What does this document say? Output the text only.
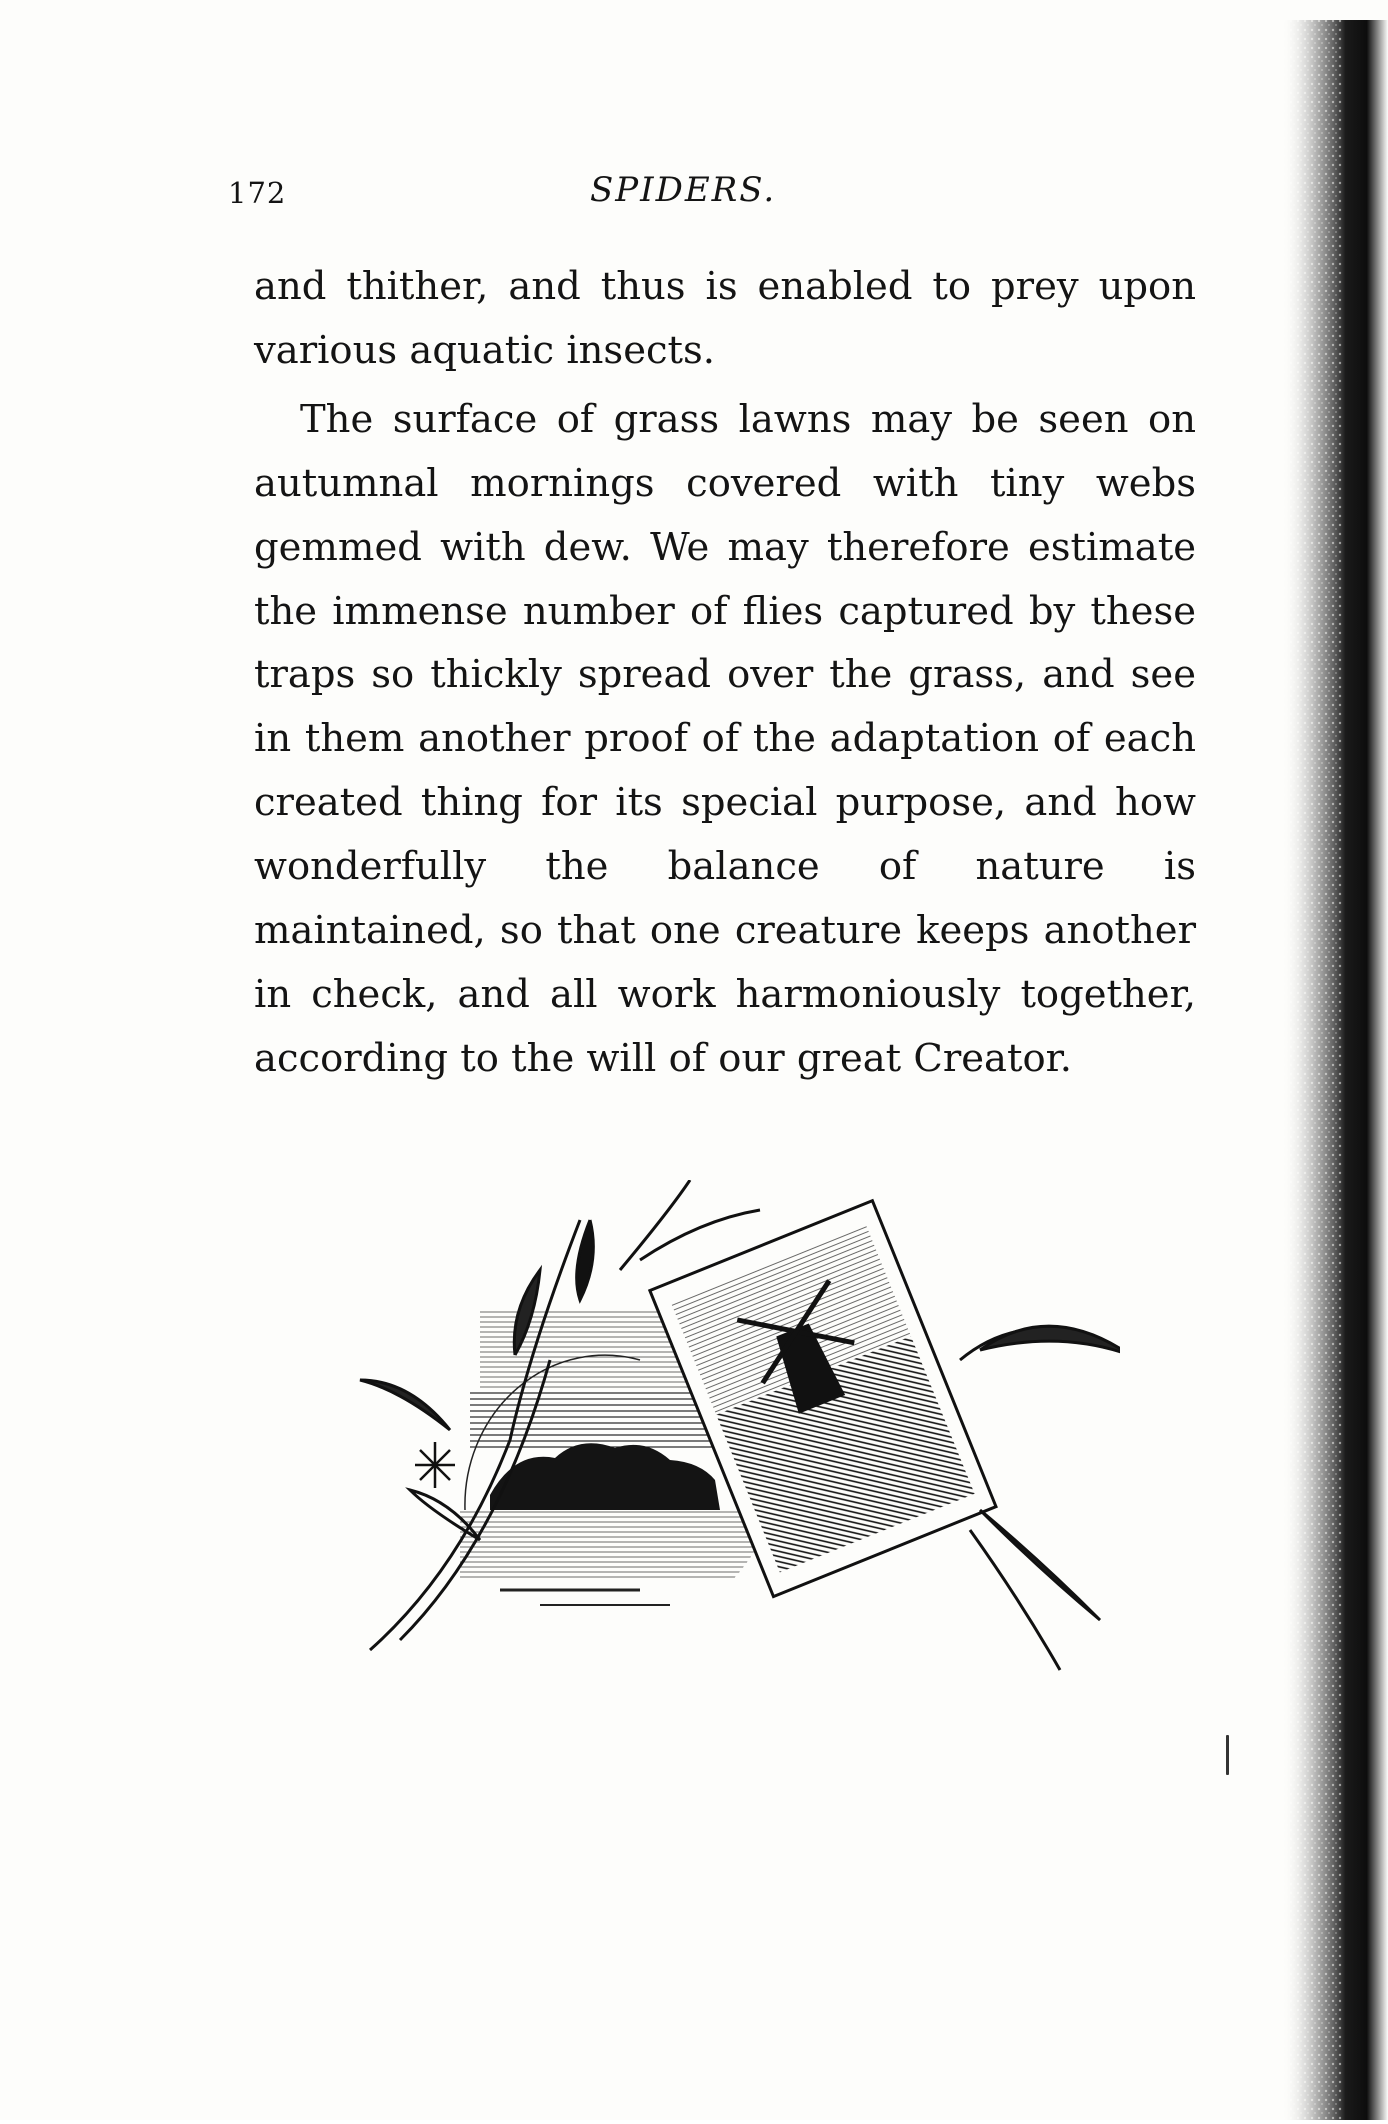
172	SPIDERS.

and thither, and thus is enabled to prey upon various aquatic insects.

The surface of grass lawns may be seen on autumnal mornings covered with tiny webs gemmed with dew. We may therefore estimate the immense number of flies captured by these traps so thickly spread over the grass, and see in them another proof of the adaptation of each created thing for its special purpose, and how wonderfully the balance of nature is maintained, so that one creature keeps another in check, and all work harmoniously together, according to the will of our great Creator.
